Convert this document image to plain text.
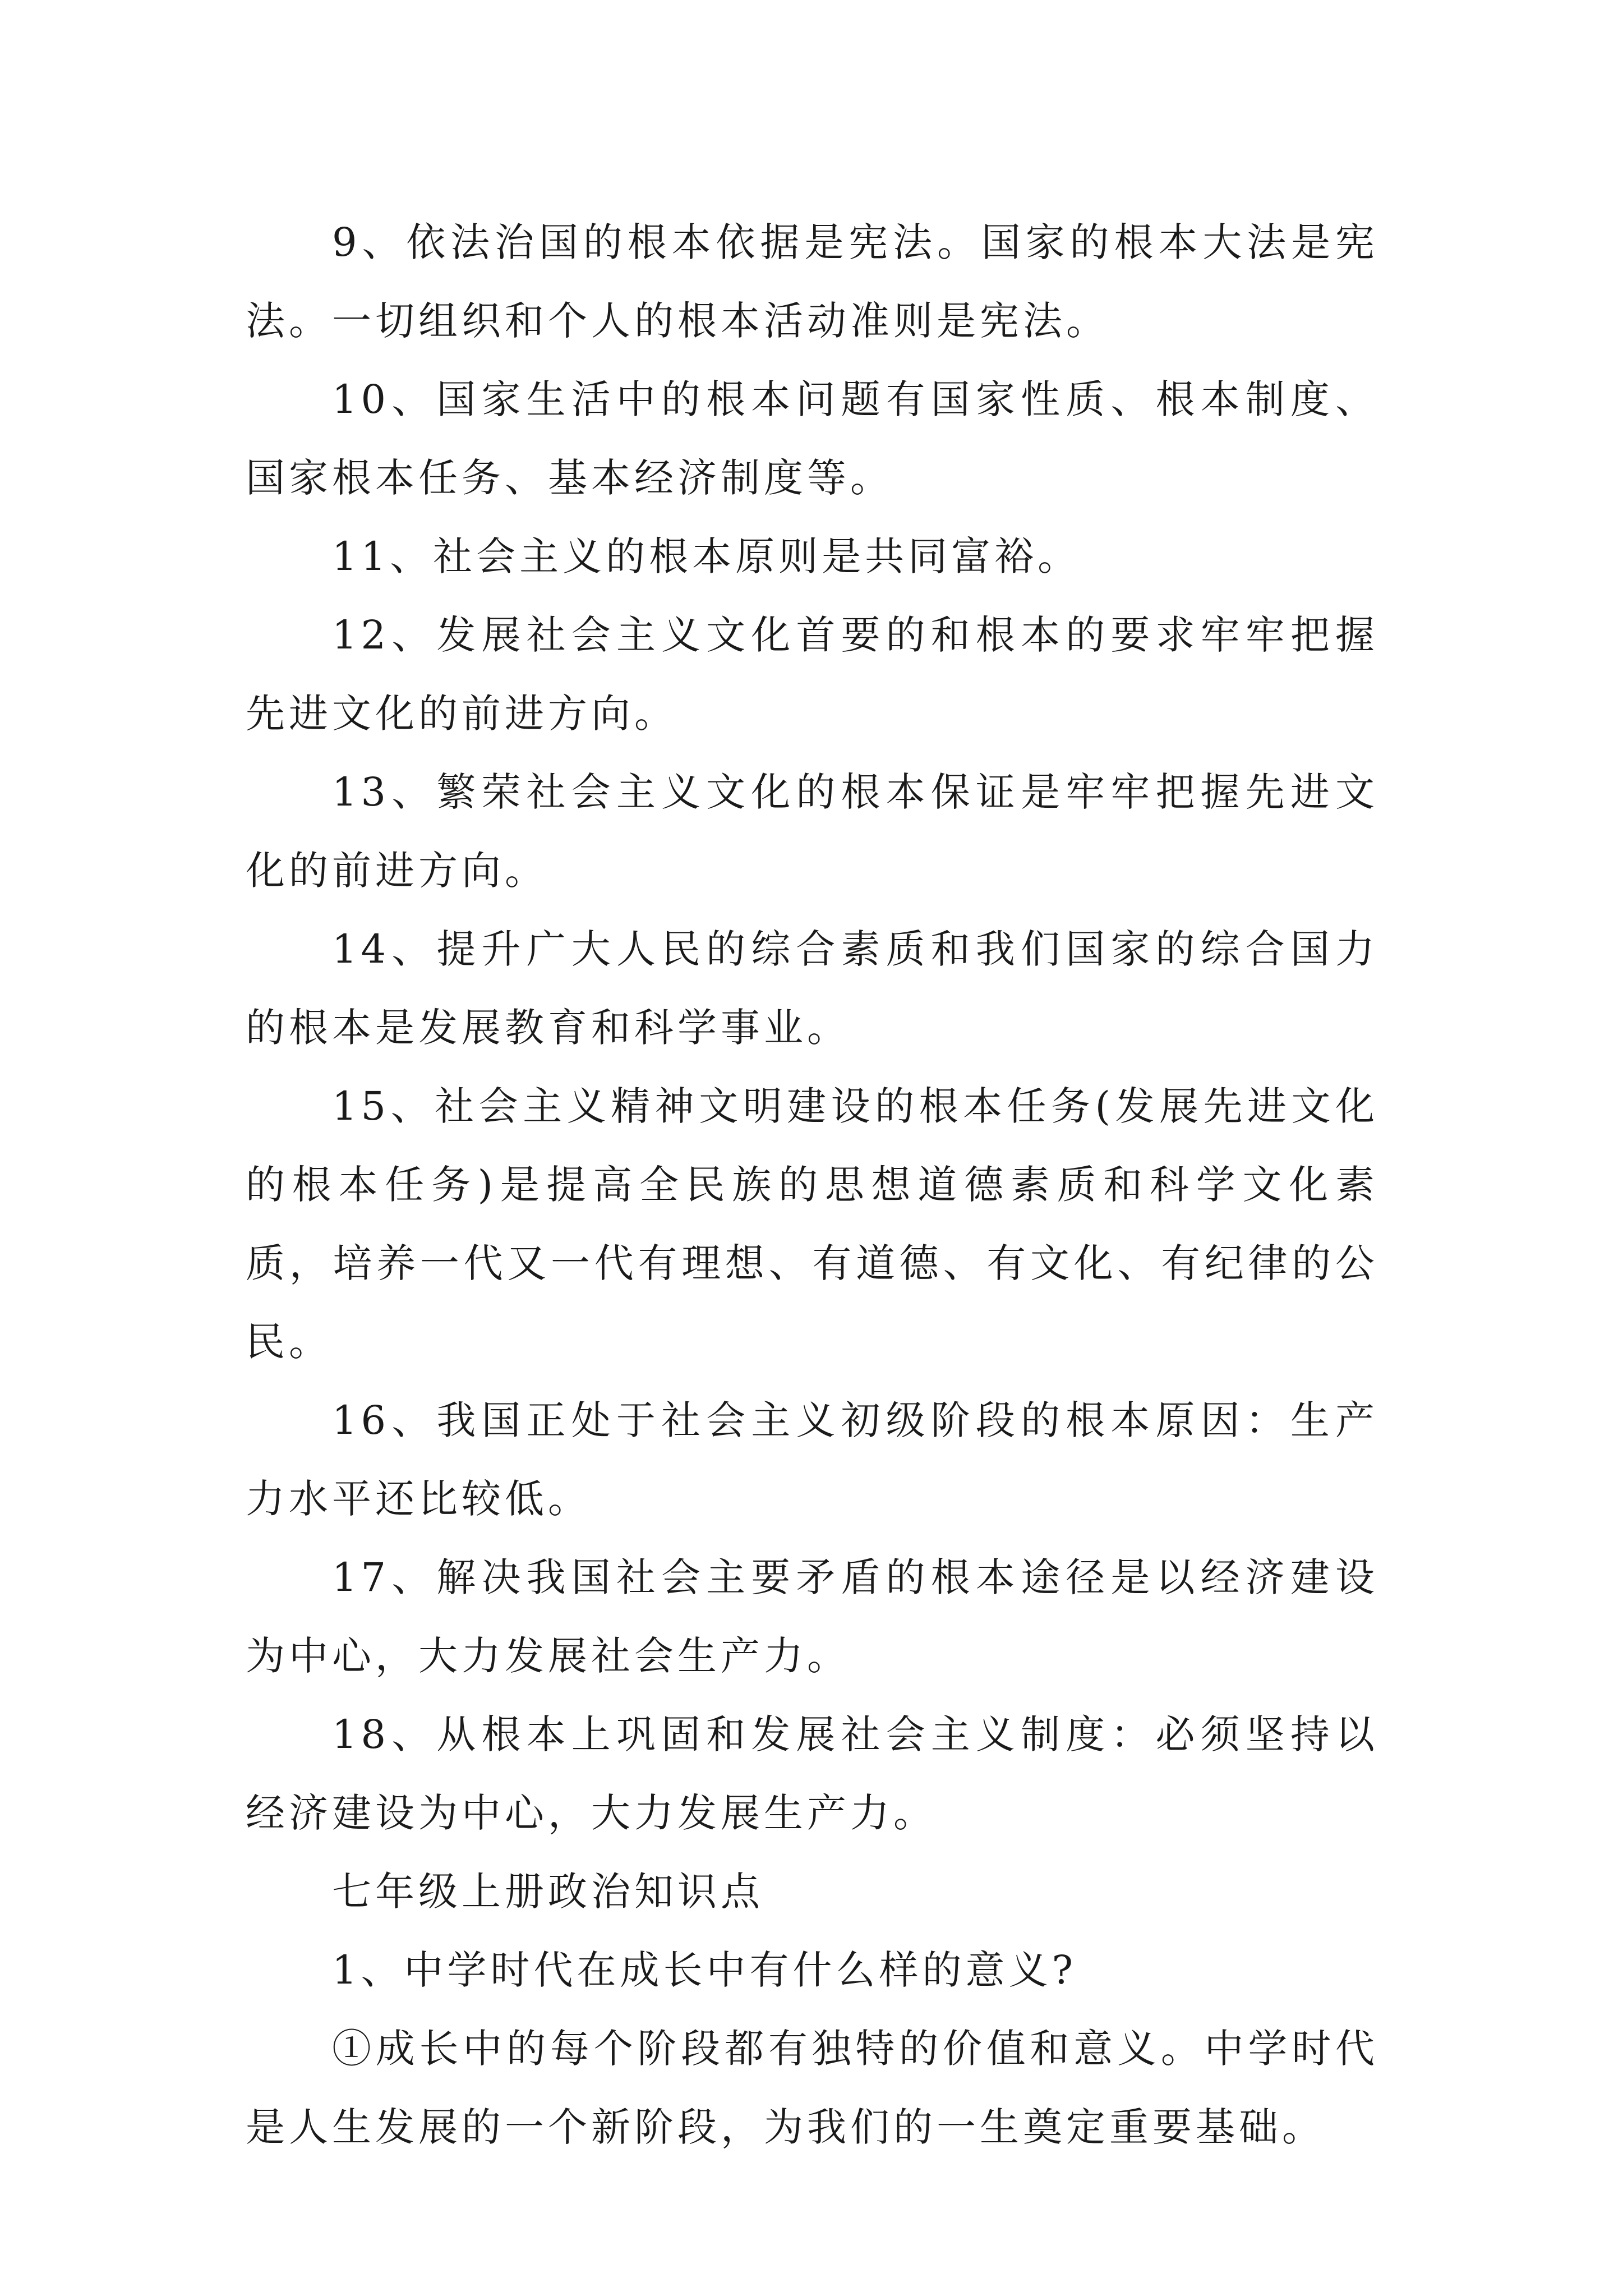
9、依法治国的根本依据是宪法。国家的根本大法是宪法。一切组织和个人的根本活动准则是宪法。

10、国家生活中的根本问题有国家性质、根本制度、国家根本任务、基本经济制度等。

11、社会主义的根本原则是共同富裕。

12、发展社会主义文化首要的和根本的要求牢牢把握先进文化的前进方向。

13、繁荣社会主义文化的根本保证是牢牢把握先进文化的前进方向。

14、提升广大人民的综合素质和我们国家的综合国力的根本是发展教育和科学事业。

15、社会主义精神文明建设的根本任务(发展先进文化的根本任务)是提高全民族的思想道德素质和科学文化素质，培养一代又一代有理想、有道德、有文化、有纪律的公民。

16、我国正处于社会主义初级阶段的根本原因：生产力水平还比较低。

17、解决我国社会主要矛盾的根本途径是以经济建设为中心，大力发展社会生产力。

18、从根本上巩固和发展社会主义制度：必须坚持以经济建设为中心，大力发展生产力。

七年级上册政治知识点

1、中学时代在成长中有什么样的意义?

①成长中的每个阶段都有独特的价值和意义。中学时代是人生发展的一个新阶段，为我们的一生奠定重要基础。
